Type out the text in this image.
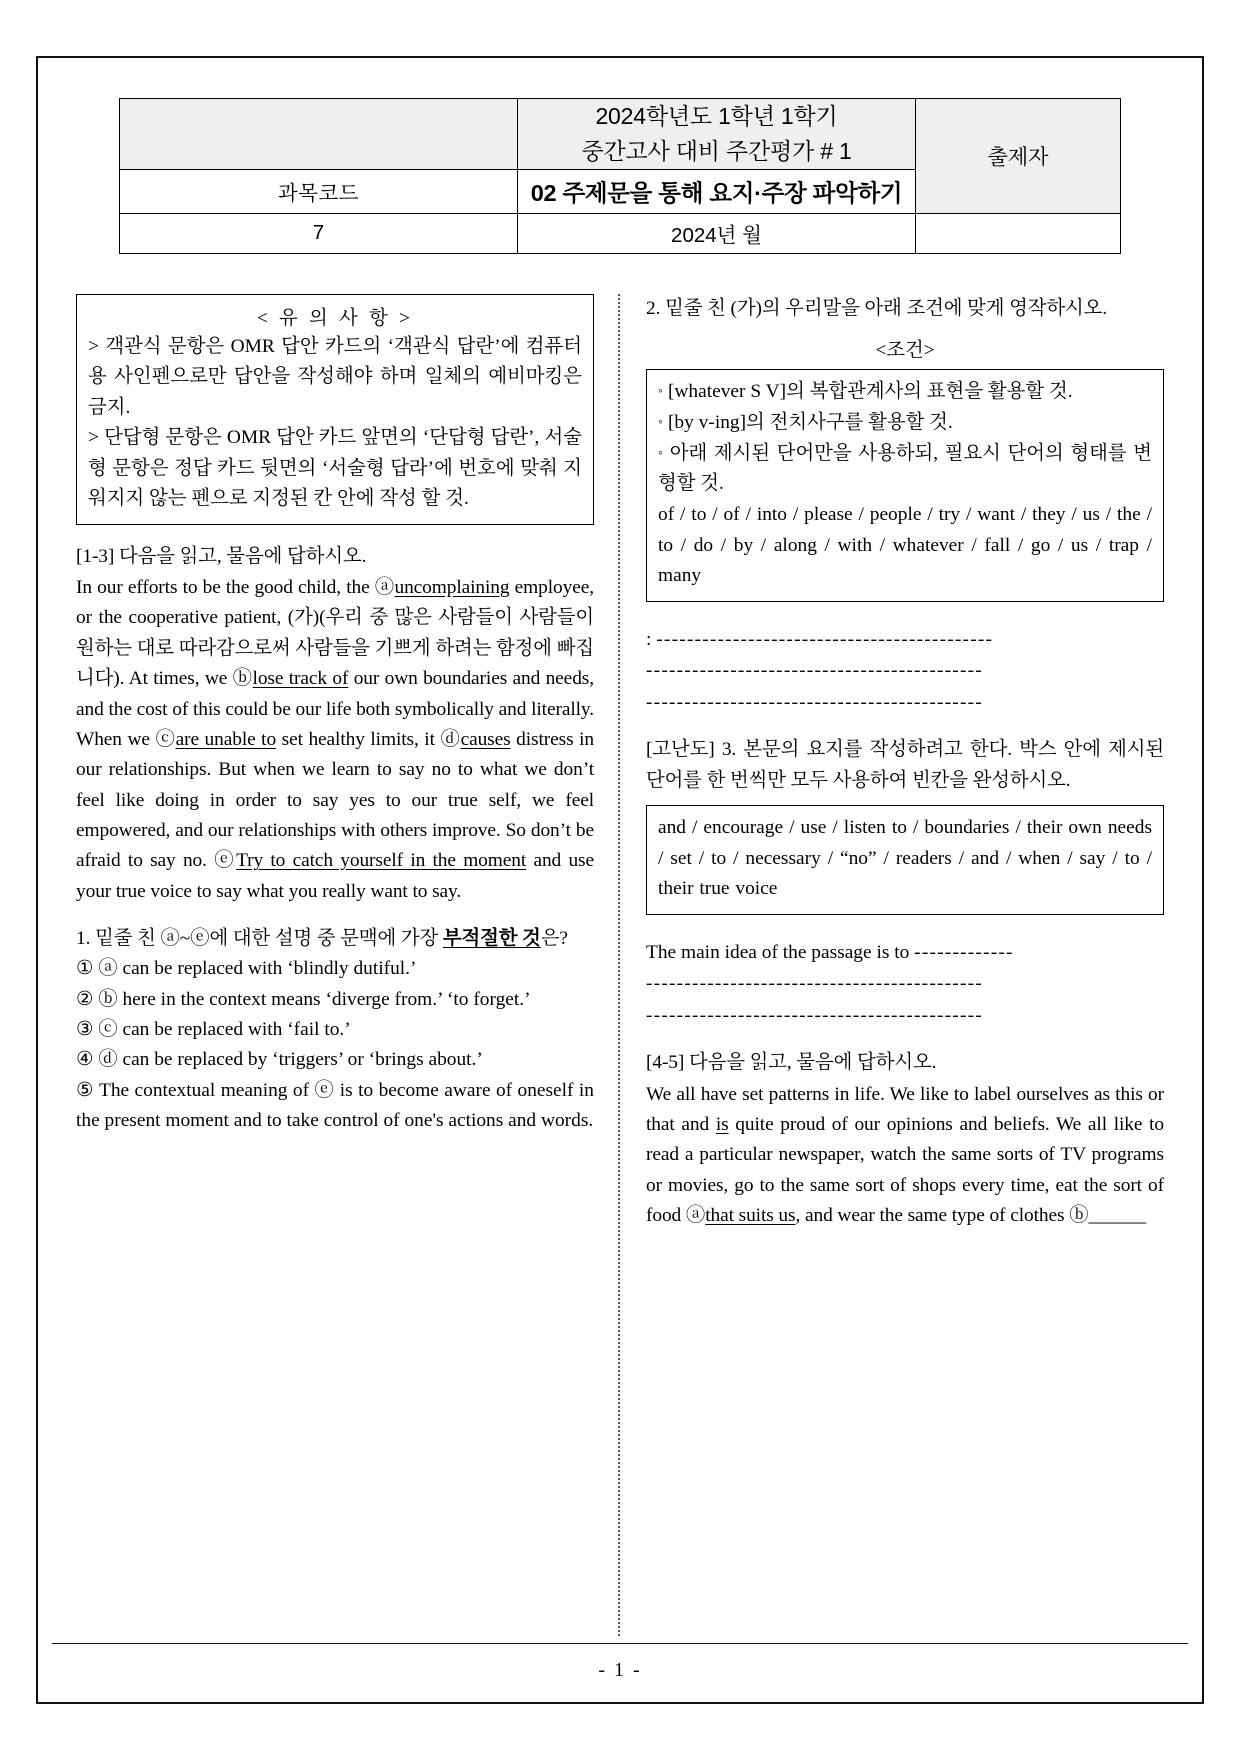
	2024학년도 1학년 1학기
중간고사 대비 주간평가 # 1	출제자
과목코드	02 주제문을 통해 요지·주장 파악하기	
7	2024년 월	
< 유 의 사 항 >

> 객관식 문항은 OMR 답안 카드의 ‘객관식 답란’에 컴퓨터용 사인펜으로만 답안을 작성해야 하며 일체의 예비마킹은 금지.

> 단답형 문항은 OMR 답안 카드 앞면의 ‘단답형 답란’, 서술형 문항은 정답 카드 뒷면의 ‘서술형 답라’에 번호에 맞춰 지워지지 않는 펜으로 지정된 칸 안에 작성 할 것.

[1-3] 다음을 읽고, 물음에 답하시오.

In our efforts to be the good child, the ⓐuncomplaining employee, or the cooperative patient, (가)(우리 중 많은 사람들이 사람들이 원하는 대로 따라감으로써 사람들을 기쁘게 하려는 함정에 빠집니다). At times, we ⓑlose track of our own boundaries and needs, and the cost of this could be our life both symbolically and literally. When we ⓒare unable to set healthy limits, it ⓓcauses distress in our relationships. But when we learn to say no to what we don’t feel like doing in order to say yes to our true self, we feel empowered, and our relationships with others improve. So don’t be afraid to say no. ⓔTry to catch yourself in the moment and use your true voice to say what you really want to say.

1. 밑줄 친 ⓐ~ⓔ에 대한 설명 중 문맥에 가장 부적절한 것은?

① ⓐ can be replaced with ‘blindly dutiful.’

② ⓑ here in the context means ‘diverge from.’ ‘to forget.’

③ ⓒ can be replaced with ‘fail to.’

④ ⓓ can be replaced by ‘triggers’ or ‘brings about.’

⑤ The contextual meaning of ⓔ is to become aware of oneself in the present moment and to take control of one's actions and words.

2. 밑줄 친 (가)의 우리말을 아래 조건에 맞게 영작하시오.

<조건>

◦ [whatever S V]의 복합관계사의 표현을 활용할 것.

◦ [by v-ing]의 전치사구를 활용할 것.

◦ 아래 제시된 단어만을 사용하되, 필요시 단어의 형태를 변형할 것.

of / to / of / into / please / people / try / want / they / us / the / to / do / by / along / with / whatever / fall / go / us / trap / many

: --------------------------------------------
--------------------------------------------
--------------------------------------------

[고난도] 3. 본문의 요지를 작성하려고 한다. 박스 안에 제시된 단어를 한 번씩만 모두 사용하여 빈칸을 완성하시오.

and / encourage / use / listen to / boundaries / their own needs / set / to / necessary / “no” / readers / and / when / say / to / their true voice

The main idea of the passage is to -------------

--------------------------------------------
--------------------------------------------

[4-5] 다음을 읽고, 물음에 답하시오.

We all have set patterns in life. We like to label ourselves as this or that and is quite proud of our opinions and beliefs. We all like to read a particular newspaper, watch the same sorts of TV programs or movies, go to the same sort of shops every time, eat the sort of food ⓐthat suits us, and wear the same type of clothes ⓑ______

- 1 -
